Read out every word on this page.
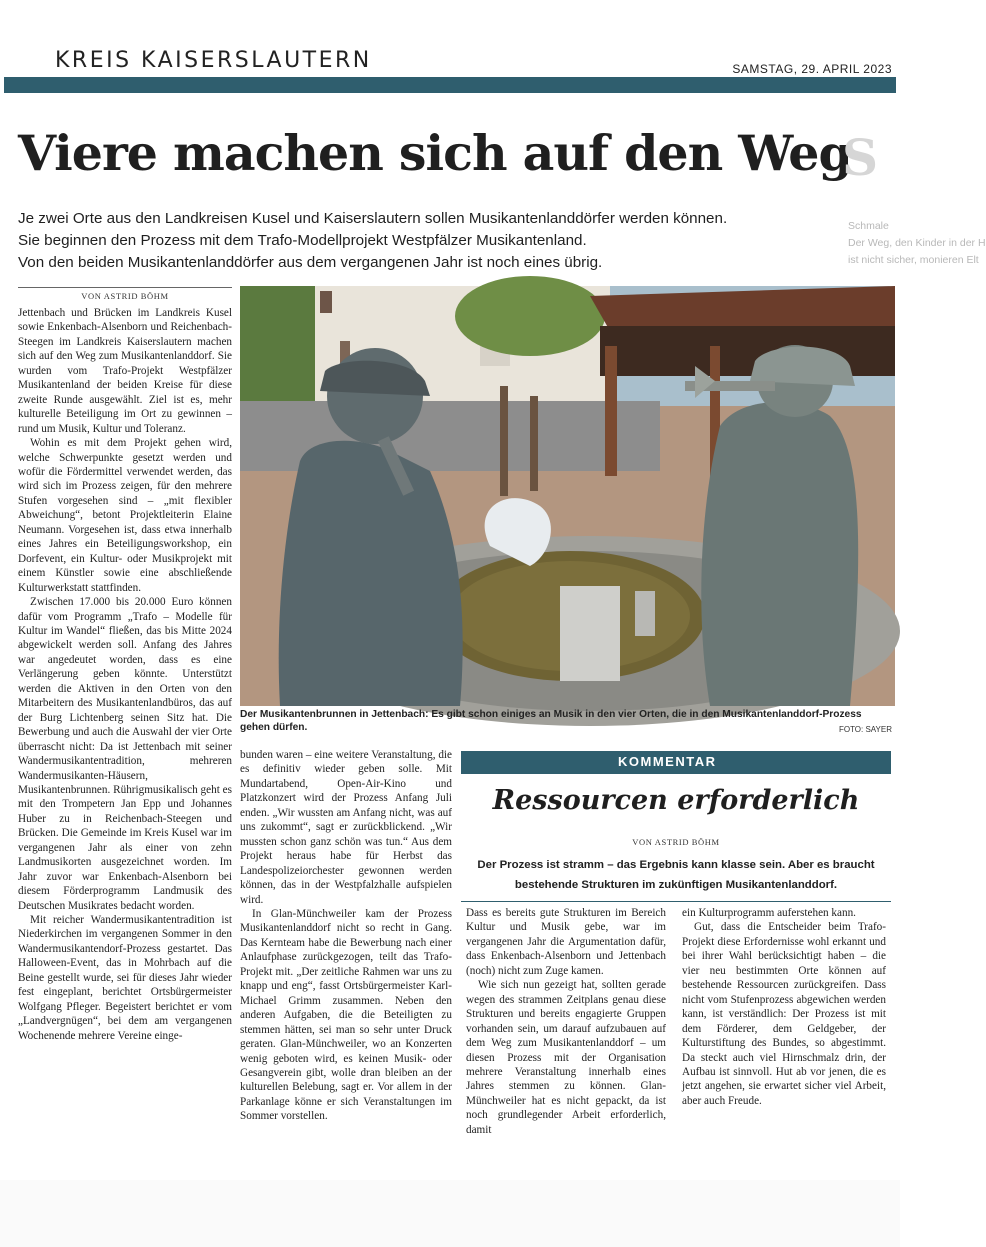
KREIS KAISERSLAUTERN	SAMSTAG, 29. APRIL 2023
Viere machen sich auf den Weg
S
Schmale
Der Weg, den Kinder in der H
ist nicht sicher, monieren Elt

Je zwei Orte aus den Landkreisen Kusel und Kaiserslautern sollen Musikantenlanddörfer werden können.

Sie beginnen den Prozess mit dem Trafo-Modellprojekt Westpfälzer Musikantenland.

Von den beiden Musikantenlanddörfer aus dem vergangenen Jahr ist noch eines übrig.

VON ASTRID BÖHM

Jettenbach und Brücken im Landkreis Kusel sowie Enkenbach-Alsenborn und Reichenbach-Steegen im Landkreis Kaiserslautern machen sich auf den Weg zum Musikantenlanddorf. Sie wurden vom Trafo-Projekt Westpfälzer Musikantenland der beiden Kreise für diese zweite Runde ausgewählt. Ziel ist es, mehr kulturelle Beteiligung im Ort zu gewinnen – rund um Musik, Kultur und Toleranz.

Wohin es mit dem Projekt gehen wird, welche Schwerpunkte gesetzt werden und wofür die Fördermittel verwendet werden, das wird sich im Prozess zeigen, für den mehrere Stufen vorgesehen sind – „mit flexibler Abweichung“, betont Projektleiterin Elaine Neumann. Vorgesehen ist, dass etwa innerhalb eines Jahres ein Beteiligungsworkshop, ein Dorfevent, ein Kultur- oder Musikprojekt mit einem Künstler sowie eine abschließende Kulturwerkstatt stattfinden.

Zwischen 17.000 bis 20.000 Euro können dafür vom Programm „Trafo – Modelle für Kultur im Wandel“ fließen, das bis Mitte 2024 abgewickelt werden soll. Anfang des Jahres war angedeutet worden, dass es eine Verlängerung geben könnte. Unterstützt werden die Aktiven in den Orten von den Mitarbeitern des Musikantenlandbüros, das auf der Burg Lichtenberg seinen Sitz hat. Die Bewerbung und auch die Auswahl der vier Orte überrascht nicht: Da ist Jettenbach mit seiner Wandermusikantentradition, mehreren Wandermusikanten-Häusern, Musikantenbrunnen. Rührigmusikalisch geht es mit den Trompetern Jan Epp und Johannes Huber zu in Reichenbach-Steegen und Brücken. Die Gemeinde im Kreis Kusel war im vergangenen Jahr als einer von zehn Landmusikorten ausgezeichnet worden. Im Jahr zuvor war Enkenbach-Alsenborn bei diesem Förderprogramm Landmusik des Deutschen Musikrates bedacht worden.

Mit reicher Wandermusikantentradition ist Niederkirchen im vergangenen Sommer in den Wandermusikantendorf-Prozess gestartet. Das Halloween-Event, das in Mohrbach auf die Beine gestellt wurde, sei für dieses Jahr wieder fest eingeplant, berichtet Ortsbürgermeister Wolfgang Pfleger. Begeistert berichtet er vom „Landvergnügen“, bei dem am vergangenen Wochenende mehrere Vereine einge-

Der Musikantenbrunnen in Jettenbach: Es gibt schon einiges an Musik in den vier Orten, die in den Musikantenlanddorf-Prozess gehen dürfen.	FOTO: SAYER

bunden waren – eine weitere Veranstaltung, die es definitiv wieder geben solle. Mit Mundartabend, Open-Air-Kino und Platzkonzert wird der Prozess Anfang Juli enden. „Wir wussten am Anfang nicht, was auf uns zukommt“, sagt er zurückblickend. „Wir mussten schon ganz schön was tun.“ Aus dem Projekt heraus habe für Herbst das Landespolizeiorchester gewonnen werden können, das in der Westpfalzhalle aufspielen wird.

In Glan-Münchweiler kam der Prozess Musikantenlanddorf nicht so recht in Gang. Das Kernteam habe die Bewerbung nach einer Anlaufphase zurückgezogen, teilt das Trafo-Projekt mit. „Der zeitliche Rahmen war uns zu knapp und eng“, fasst Ortsbürgermeister Karl-Michael Grimm zusammen. Neben den anderen Aufgaben, die die Beteiligten zu stemmen hätten, sei man so sehr unter Druck geraten. Glan-Münchweiler, wo an Konzerten wenig geboten wird, es keinen Musik- oder Gesangverein gibt, wolle dran bleiben an der kulturellen Belebung, sagt er. Vor allem in der Parkanlage könne er sich Veranstaltungen im Sommer vorstellen.

KOMMENTAR
Ressourcen erforderlich
VON ASTRID BÖHM
Der Prozess ist stramm – das Ergebnis kann klasse sein. Aber es braucht bestehende Strukturen im zukünftigen Musikantenlanddorf.

Dass es bereits gute Strukturen im Bereich Kultur und Musik gebe, war im vergangenen Jahr die Argumentation dafür, dass Enkenbach-Alsenborn und Jettenbach (noch) nicht zum Zuge kamen.

Wie sich nun gezeigt hat, sollten gerade wegen des strammen Zeitplans genau diese Strukturen und bereits engagierte Gruppen vorhanden sein, um darauf aufzubauen auf dem Weg zum Musikantenlanddorf – um diesen Prozess mit der Organisation mehrere Veranstaltung innerhalb eines Jahres stemmen zu können. Glan-Münchweiler hat es nicht gepackt, da ist noch grundlegender Arbeit erforderlich, damit

ein Kulturprogramm auferstehen kann.

Gut, dass die Entscheider beim Trafo-Projekt diese Erfordernisse wohl erkannt und bei ihrer Wahl berücksichtigt haben – die vier neu bestimmten Orte können auf bestehende Ressourcen zurückgreifen. Dass nicht vom Stufenprozess abgewichen werden kann, ist verständlich: Der Prozess ist mit dem Förderer, dem Geldgeber, der Kulturstiftung des Bundes, so abgestimmt. Da steckt auch viel Hirnschmalz drin, der Aufbau ist sinnvoll. Hut ab vor jenen, die es jetzt angehen, sie erwartet sicher viel Arbeit, aber auch Freude.
